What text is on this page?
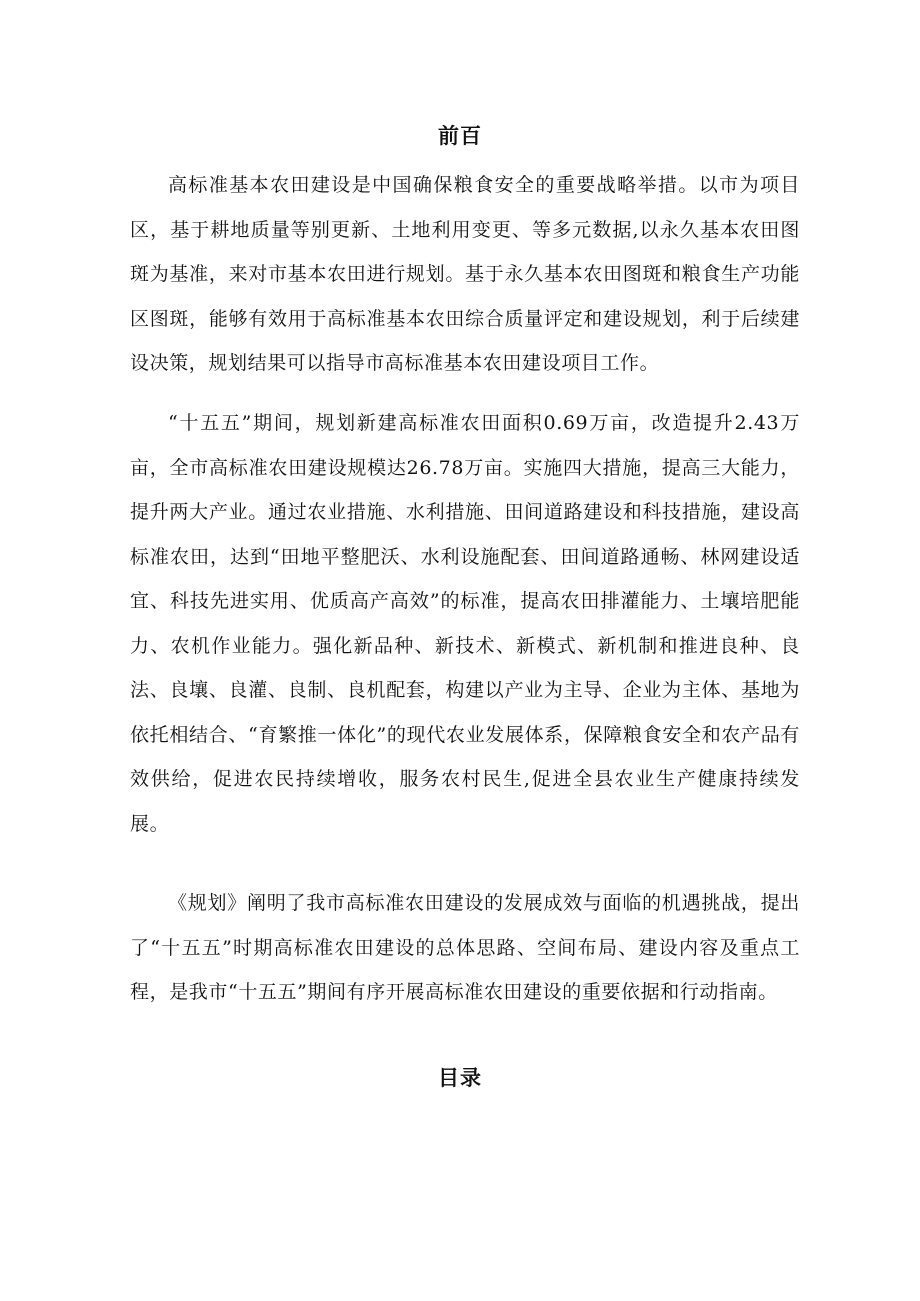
前百

高标准基本农田建设是中国确保粮食安全的重要战略举措。以市为项目区，基于耕地质量等别更新、土地利用变更、等多元数据,以永久基本农田图斑为基准，来对市基本农田进行规划。基于永久基本农田图斑和粮食生产功能区图斑，能够有效用于高标准基本农田综合质量评定和建设规划，利于后续建设决策，规划结果可以指导市高标准基本农田建设项目工作。

“十五五”期间，规划新建高标准农田面积0.69万亩，改造提升2.43万亩，全市高标准农田建设规模达26.78万亩。实施四大措施，提高三大能力，提升两大产业。通过农业措施、水利措施、田间道路建设和科技措施，建设高标准农田，达到“田地平整肥沃、水利设施配套、田间道路通畅、林网建设适宜、科技先进实用、优质高产高效”的标准，提高农田排灌能力、土壤培肥能力、农机作业能力。强化新品种、新技术、新模式、新机制和推进良种、良法、良壤、良灌、良制、良机配套，构建以产业为主导、企业为主体、基地为依托相结合、“育繁推一体化”的现代农业发展体系，保障粮食安全和农产品有效供给，促进农民持续增收，服务农村民生,促进全县农业生产健康持续发展。

《规划》阐明了我市高标准农田建设的发展成效与面临的机遇挑战，提出了“十五五”时期高标准农田建设的总体思路、空间布局、建设内容及重点工程，是我市“十五五”期间有序开展高标准农田建设的重要依据和行动指南。

目录
